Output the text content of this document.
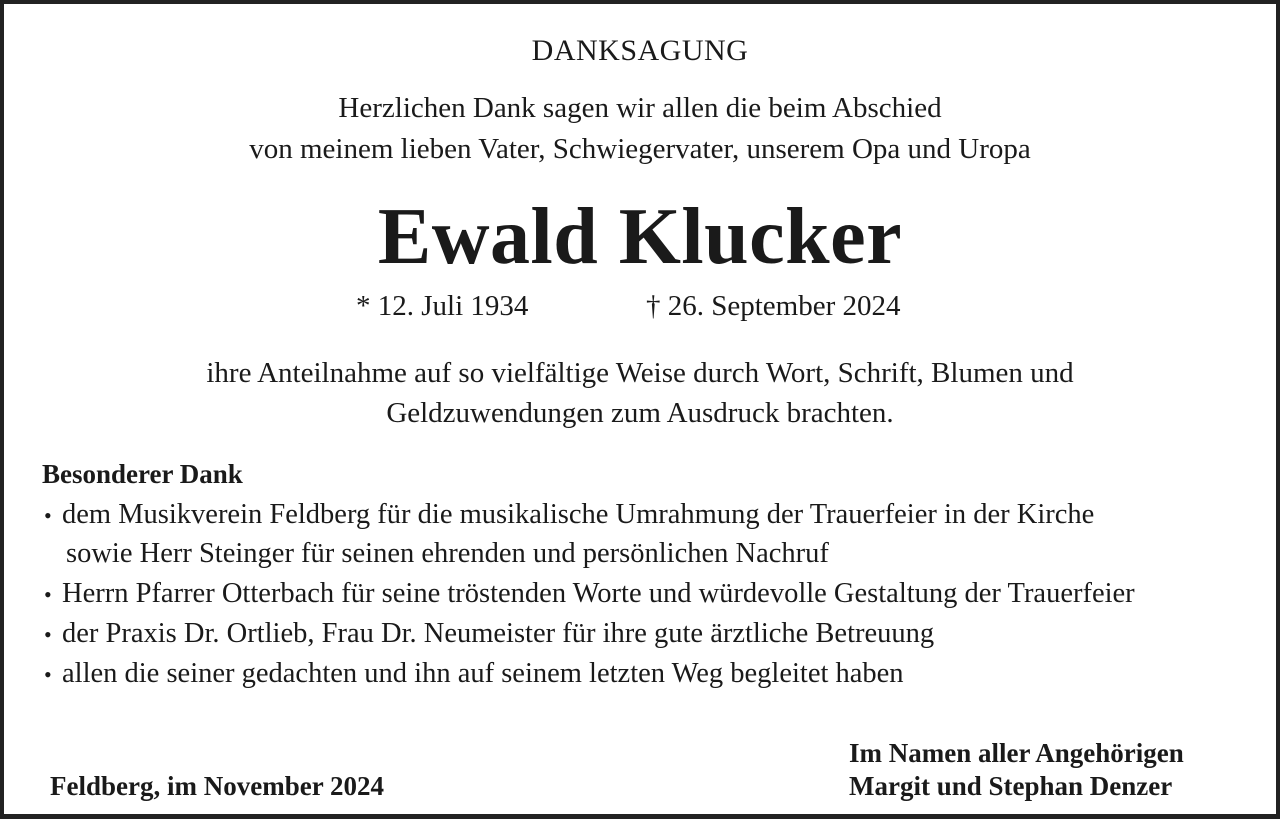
DANKSAGUNG
Herzlichen Dank sagen wir allen die beim Abschied
von meinem lieben Vater, Schwiegervater, unserem Opa und Uropa
Ewald Klucker
* 12. Juli 1934	† 26. September 2024
ihre Anteilnahme auf so vielfältige Weise durch Wort, Schrift, Blumen und
Geldzuwendungen zum Ausdruck brachten.
Besonderer Dank
• dem Musikverein Feldberg für die musikalische Umrahmung der Trauerfeier in der Kirche
sowie Herr Steinger für seinen ehrenden und persönlichen Nachruf
• Herrn Pfarrer Otterbach für seine tröstenden Worte und würdevolle Gestaltung der Trauerfeier
• der Praxis Dr. Ortlieb, Frau Dr. Neumeister für ihre gute ärztliche Betreuung
• allen die seiner gedachten und ihn auf seinem letzten Weg begleitet haben
Feldberg, im November 2024
Im Namen aller Angehörigen
Margit und Stephan Denzer
